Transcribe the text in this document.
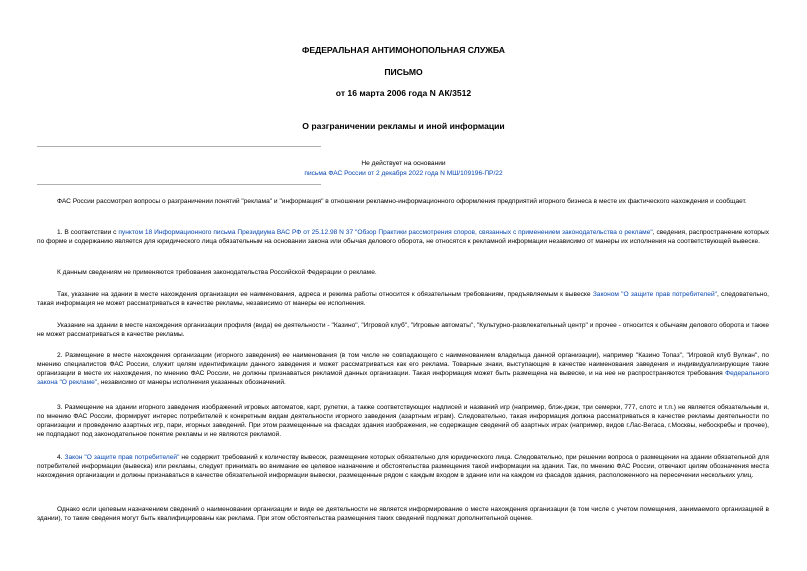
ФЕДЕРАЛЬНАЯ АНТИМОНОПОЛЬНАЯ СЛУЖБА
ПИСЬМО
от 16 марта 2006 года N АК/3512
О разграничении рекламы и иной информации
Не действует на основании
письма ФАС России от 2 декабря 2022 года N МШ/109196-ПР/22
ФАС России рассмотрел вопросы о разграничении понятий "реклама" и "информация" в отношении рекламно-информационного оформления предприятий игорного бизнеса в месте их фактического нахождения и сообщает.
1. В соответствии с пунктом 18 Информационного письма Президиума ВАС РФ от 25.12.98 N 37 "Обзор Практики рассмотрения споров, связанных с применением законодательства о рекламе", сведения, распространение которых по форме и содержанию является для юридического лица обязательным на основании закона или обычая делового оборота, не относятся к рекламной информации независимо от манеры их исполнения на соответствующей вывеске.
К данным сведениям не применяются требования законодательства Российской Федерации о рекламе.
Так, указание на здании в месте нахождения организации ее наименования, адреса и режима работы относится к обязательным требованиям, предъявляемым к вывеске Законом "О защите прав потребителей", следовательно, такая информация не может рассматриваться в качестве рекламы, независимо от манеры ее исполнения.
Указание на здании в месте нахождения организации профиля (вида) ее деятельности - "Казино", "Игровой клуб", "Игровые автоматы", "Культурно-развлекательный центр" и прочее - относится к обычаям делового оборота и также не может рассматриваться в качестве рекламы.
2. Размещение в месте нахождения организации (игорного заведения) ее наименования (в том числе не совпадающего с наименованием владельца данной организации), например "Казино Топаз", "Игровой клуб Вулкан", по мнению специалистов ФАС России, служит целям идентификации данного заведения и может рассматриваться как его реклама. Товарные знаки, выступающие в качестве наименования заведения и индивидуализирующие такие организации в месте их нахождения, по мнению ФАС России, не должны признаваться рекламой данных организации. Такая информация может быть размещена на вывеске, и на нее не распространяются требования Федерального закона "О рекламе", независимо от манеры исполнения указанных обозначений.
3. Размещение на здании игорного заведения изображений игровых автоматов, карт, рулетки, а также соответствующих надписей и названий игр (например, блэк-джэк, три семерки, 777, слотс и т.п.) не является обязательным и, по мнению ФАС России, формирует интерес потребителей к конкретным видам деятельности игорного заведения (азартным играм). Следовательно, такая информация должна рассматриваться в качестве рекламы деятельности по организации и проведению азартных игр, пари, игорных заведений. При этом размещенные на фасадах здания изображения, не содержащие сведений об азартных играх (например, видов г.Лас-Вегаса, г.Москвы, небоскребы и прочее), не подпадают под законодательное понятие рекламы и не являются рекламой.
4. Закон "О защите прав потребителей" не содержит требований к количеству вывесок, размещение которых обязательно для юридического лица. Следовательно, при решении вопроса о размещении на здании обязательной для потребителей информации (вывеска) или рекламы, следует принимать во внимание ее целевое назначение и обстоятельства размещения такой информации на здании. Так, по мнению ФАС России, отвечают целям обозначения места нахождения организации и должны признаваться в качестве обязательной информации вывески, размещенные рядом с каждым входом в здание или на каждом из фасадов здания, расположенного на пересечении нескольких улиц.
Однако если целевым назначением сведений о наименовании организации и виде ее деятельности не является информирование о месте нахождения организации (в том числе с учетом помещения, занимаемого организацией в здании), то такие сведения могут быть квалифицированы как реклама. При этом обстоятельства размещения таких сведений подлежат дополнительной оценке.
